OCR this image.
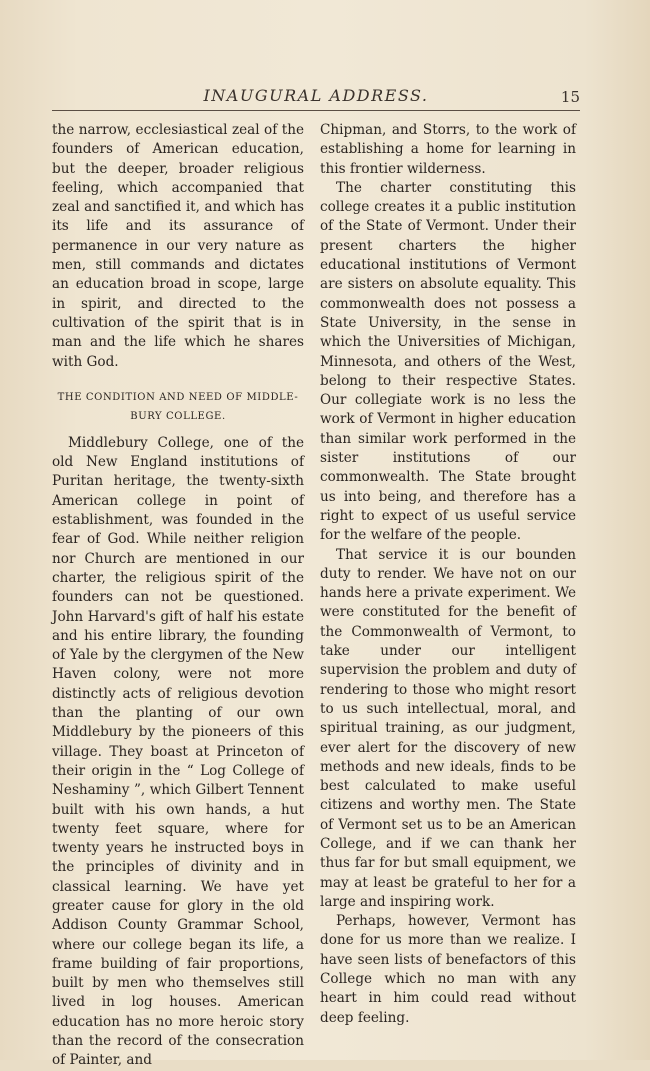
INAUGURAL ADDRESS.	15

the narrow, ecclesiastical zeal of the founders of American education, but the deeper, broader religious feeling, which accompanied that zeal and sanctified it, and which has its life and its assurance of permanence in our very nature as men, still commands and dictates an education broad in scope, large in spirit, and directed to the cultivation of the spirit that is in man and the life which he shares with God.

THE CONDITION AND NEED OF MIDDLE-
BURY COLLEGE.

Middlebury College, one of the old New England institutions of Puritan heritage, the twenty-sixth American college in point of establishment, was founded in the fear of God. While neither religion nor Church are mentioned in our charter, the religious spirit of the founders can not be questioned. John Harvard's gift of half his estate and his entire library, the founding of Yale by the clergymen of the New Haven colony, were not more distinctly acts of religious devotion than the planting of our own Middlebury by the pioneers of this village. They boast at Princeton of their origin in the “ Log College of Neshaminy ”, which Gilbert Tennent built with his own hands, a hut twenty feet square, where for twenty years he instructed boys in the principles of divinity and in classical learning. We have yet greater cause for glory in the old Addison County Grammar School, where our college began its life, a frame building of fair proportions, built by men who themselves still lived in log houses. American education has no more heroic story than the record of the consecration of Painter, and

Chipman, and Storrs, to the work of establishing a home for learning in this frontier wilderness.

The charter constituting this college creates it a public institution of the State of Vermont. Under their present charters the higher educational institutions of Vermont are sisters on absolute equality. This commonwealth does not possess a State University, in the sense in which the Universities of Michigan, Minnesota, and others of the West, belong to their respective States. Our collegiate work is no less the work of Vermont in higher education than similar work performed in the sister institutions of our commonwealth. The State brought us into being, and therefore has a right to expect of us useful service for the welfare of the people.

That service it is our bounden duty to render. We have not on our hands here a private experiment. We were constituted for the benefit of the Commonwealth of Vermont, to take under our intelligent supervision the problem and duty of rendering to those who might resort to us such intellectual, moral, and spiritual training, as our judgment, ever alert for the discovery of new methods and new ideals, finds to be best calculated to make useful citizens and worthy men. The State of Vermont set us to be an American College, and if we can thank her thus far for but small equipment, we may at least be grateful to her for a large and inspiring work.

Perhaps, however, Vermont has done for us more than we realize. I have seen lists of benefactors of this College which no man with any heart in him could read without deep feeling.
